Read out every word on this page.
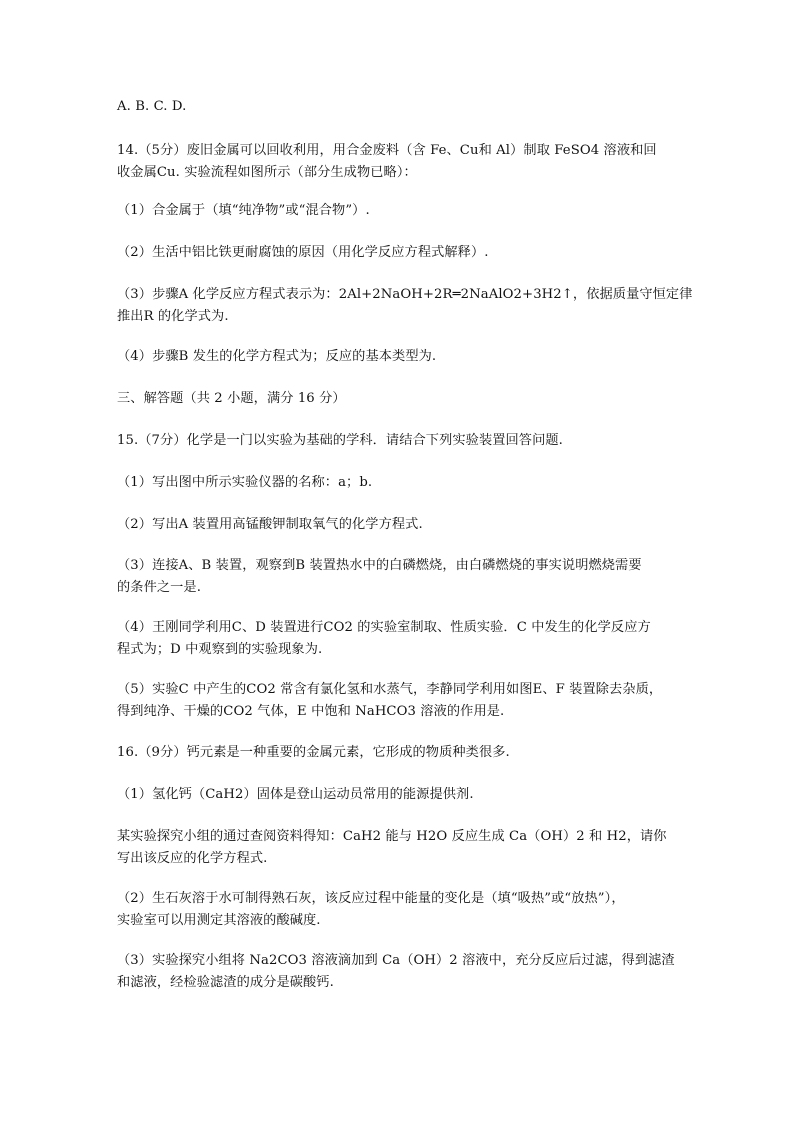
A. B. C. D.
14.（5分）废旧金属可以回收利用，用合金废料（含 Fe、Cu和 Al）制取 FeSO4 溶液和回
收金属Cu. 实验流程如图所示（部分生成物已略）：
（1）合金属于（填“纯净物”或“混合物”）.
（2）生活中铝比铁更耐腐蚀的原因（用化学反应方程式解释）.
（3）步骤A 化学反应方程式表示为：2Al+2NaOH+2R═2NaAlO2+3H2↑，依据质量守恒定律
推出R 的化学式为.
（4）步骤B 发生的化学方程式为；反应的基本类型为.
三、解答题（共 2 小题，满分 16 分）
15.（7分）化学是一门以实验为基础的学科．请结合下列实验装置回答问题.
（1）写出图中所示实验仪器的名称：a；b.
（2）写出A 装置用高锰酸钾制取氧气的化学方程式.
（3）连接A、B 装置，观察到B 装置热水中的白磷燃烧，由白磷燃烧的事实说明燃烧需要
的条件之一是.
（4）王刚同学利用C、D 装置进行CO2 的实验室制取、性质实验．C 中发生的化学反应方
程式为；D 中观察到的实验现象为.
（5）实验C 中产生的CO2 常含有氯化氢和水蒸气，李静同学利用如图E、F 装置除去杂质，
得到纯净、干燥的CO2 气体，E 中饱和 NaHCO3 溶液的作用是.
16.（9分）钙元素是一种重要的金属元素，它形成的物质种类很多.
（1）氢化钙（CaH2）固体是登山运动员常用的能源提供剂.
某实验探究小组的通过查阅资料得知：CaH2 能与 H2O 反应生成 Ca（OH）2 和 H2，请你
写出该反应的化学方程式.
（2）生石灰溶于水可制得熟石灰，该反应过程中能量的变化是（填“吸热”或“放热”），
实验室可以用测定其溶液的酸碱度.
（3）实验探究小组将 Na2CO3 溶液滴加到 Ca（OH）2 溶液中，充分反应后过滤，得到滤渣
和滤液，经检验滤渣的成分是碳酸钙.
